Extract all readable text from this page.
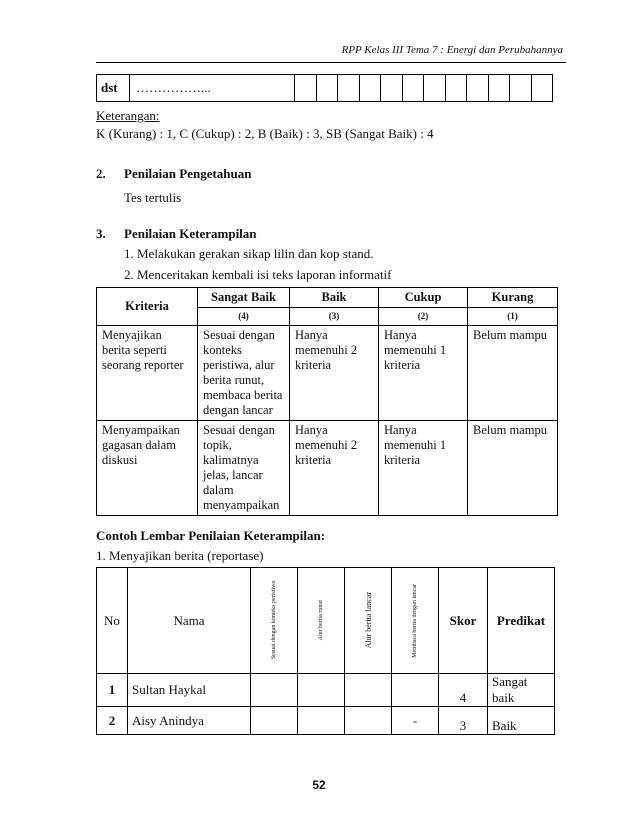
RPP Kelas III Tema 7 : Energi dan Perubahannya
dst	……………...												
Keterangan:
K (Kurang) : 1, C (Cukup) : 2, B (Baik) : 3, SB (Sangat Baik) : 4
2. Penilaian Pengetahuan
Tes tertulis
3. Penilaian Keterampilan
1. Melakukan gerakan sikap lilin dan kop stand.
2. Menceritakan kembali isi teks laporan informatif
Kriteria	Sangat Baik	Baik	Cukup	Kurang
	(4)	(3)	(2)	(1)
Menyajikan berita seperti seorang reporter	Sesuai dengan konteks peristiwa, alur berita runut, membaca berita dengan lancar	Hanya memenuhi 2 kriteria	Hanya memenuhi 1 kriteria	Belum mampu
Menyampaikan gagasan dalam diskusi	Sesuai dengan topik, kalimatnya jelas, lancar dalam menyampaikan	Hanya memenuhi 2 kriteria	Hanya memenuhi 1 kriteria	Belum mampu
Contoh Lembar Penilaian Keterampilan:
1. Menyajikan berita (reportase)
No	Nama	Sesuai dengan konteks peristiwa	Alur berita runut	Alur berita lancar	Membaca berita dengan lancar	Skor	Predikat
1	Sultan Haykal					4	Sangat baik
2	Aisy Anindya				-	3	Baik
52
